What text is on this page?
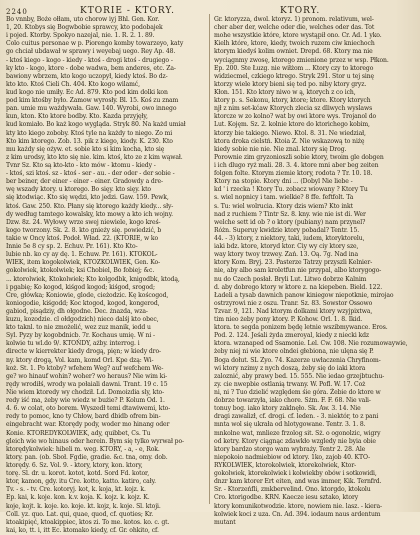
2240	KTORIE - KTORY.	KTORY.
Bo vnnby, Boże ołłam, uto chorow iyj Bhl. Gen. Kor.
1, 20. Ktobys się Bogwbobie sprawcy, kto podobajek
i pojed. Ktorby. Spokyo nazejal, nie. 1. R. 2. 1. 89.
Colo cuitus personae w p. Piorengo komby towarzeyo, katy
go chciał ubdawał w sprawy i weyebaj uego. Rey Ap. 48.
- ktoś kiego - kogo - kiedy - ktoś - drogi ktoś - drugiego -
ky kto - kogo, ktore - dobe wadwa, bem anderes, etc. Za-
bawiony wbrzem, kto kogo uczopył, kiedy ktoś. Bo dz-
kto kto. Ktoś Cieli Ch. 404. Kto kogo wilamć,
kud kogo nie umiły. Ec Ad. 879. Kto pod kim dolki kon
pod kim ktośby było. Zamow wyrosły. Bl. 15. Koś zu znam
pan. umie mu ważdywała. Gaw. 140. Wyrobi, owo innego
kun, kton. Kto ktore bodby. Kto. Kazda przyjęły,
kud komiało. Bo każ kogo wygląda. Stryk 80. Na każd umiał
kty kto kiego zoboby. Ktoś tyle na każdy to niego. Zo mi
Kto kim ktorego. Zob. 13. pik z kiego, kiody. K. 230. Kto
mu każdy się ożyw. et. sobie kto si kim kocha, kto się
z kim urodsy, kto kto się nie. kim. ktoś, kto ze z kim wąwał.
Tvnr Sz. Kto są kto-kto - kto mów - ktomu - kiedy -
- ktoś, szi ktoś. sz - ktoś - ser - au. - der oder - der sobie -
ber beiner, der einer - einer - einer. Gradowdy a dre-
wę wszady ktory. u ktorego. Bo sięy. kto sięy. kto
się ktodwiąc. Kto się wędzi, kto jedzi. Gaw. 159. Pewk,
ktoś. Gaw. 250. Kto. Płany się ktorego każdy kiedy... sły-
dy według tamtego kowalsky, kto mowy a kto ich wojny.
Dzw. 8z. 24. Wyłowy wrze swej niewiele, kogo kreś-
kogo tworzony. Sk. 2. 8. kto gnieży się. powiedzić, b
takie w Oncy ktoś. Podoł. Wład. 22. (KTORIE, w ko
Innie 5e 8 cy sp. 2. Echuv. Pr. 161). Kto Kto-
lubie nb. ko cy ay dę. 1. Echuw. Pr. 161). KTOKOL-
WIEK, item kogokolwiek, KTOZKOLWIEK, Gen. Ko-
gokolwiek, ktokolwiek; ksi Chobiel, Bo fobiej; &c.
... ktorolwiek, Ktokolwiek; Kto kolgodbk, knigodbk, ktodą,
i pgabię; Ko kogod, kiśgod kogod; kiśgod, srogod;
Cre, główka; Koniowie, glode, cieżodzic. Kę koścogod,
koniogodie, kiśgodd; Koc ktogod, kogod, kongerod,
gabiod, pisądziy, dh ołgodne. Dec. żnazda, wza-
kuzu, kozodzie. cl ołdgodzich) nieco dalśj kto obec,
kto taknl. to nie zmożelić, wez zuz manik, iedd u
Syl. Pyzy by kogobdnicb. 7r. Kochaus umię. W ni -
kolwie tu wl.do 9/. KTOŃDY, ażby. interrog. i
directe w kierrekter kiedy drogą, pięn; w kiedy dro-
ny. ktory drogą, Vol. kam, komd Orl. Kpe dzą: Wi-
koż. St. 1. Po ktoby? wfehem Weg? auf wefchem We-
ge? wo hinauf wohin? woher? wo heraus? Nie wim ki-
rędy wrodiłś, wrody wa połaiali dawni. Trant. 19 c. 15
Nie wiem ktoredy wy chodził. Ld. Domoizdia sly, kto-
redy iść ma, żeby wie wiedz w bużie? P. Kolum Od. 1.
4. 6. w colat, oto borem. Wyszedł temi dtawiwemi, kto-
redy to pomoc, kno ty Chłow, bard dbidb ofrem bin-
eingebracht war. Ktorędy pody, woder mo hinang oder
Konie. KTOREDYKOLWIEK, ady, quibbet, Cs. Tu
gleich wie wo hinaus oder herein. Bym się tylko wyrwał po-
ktorędykolwiek: hibeli m. weg. KTORY, - a, - e, Rok.
ktory. pan. (ob. Sboł. Fgdie, gradie. &c. tna, omy. dob.
ktorędy. 6. Sz. Vol. 9. - ktory, ktory, kon. ktory,
torę. Sl. dr. u. korot. kotot, kotd. Sord Fd. kotor,
ktor, kamon, gdy. itu Cre. kotto, katto. katiro, cały.
Tv. - s. - tv. Cre. kotoryj. kot, k. koja, kt. kojz. k.
Ep. kai, k. koje. kon. k.v. koja. K. kojz. k. kojz. K.
koje, kojt. k. koje. ko. koje. kt. kojz, k. koje. Sl. ktoji.
Coll. yz. quo. Lat. qui, quae, quod, cf. quoties; Kr.
ktoakipięć, ktoakippiec, ktos zi. To me. kotos. ko. c. gt.
kai, ko, tt. i, itt Ec. ktomako kiedy, cf. Gr. ohkito, cf.
Gr. ktoryzza, dwol. ktoryz. 1) pronom. relativum, wel-
cher aber der, welche oder die, welches oder das. Tot
mohe wszystkie które, ktore wystąpił ono. Cr. Ad. 1 yko.
Kielh które, ktore, kiedy, twoich ruzem ciw kniechoch
ktorym kiedyś kolim owniet. Drepd. 68. Ktory ma nie
wyciągnmy zwosę, ktorego zmienione przez w wsp. Płkon.
Ep. 200. Ste Łuzg. nie wiłżom ... Ktory czy to ktorego
widziecmel, czkiego ktrego. Stryk 291. Stor u tej sinę
ktorzy wiele ktory bieni się ted po. niby ktory gryz.
Kłon. 151. Kto ktory niwo w ą, ktorych z co ich,
ktory p. s. Sekonu, ktory, ktore; ktore. Ktory ktorych
njł z nim set-kćaw Ktorych zlecia sz dliwych wyslaws
ktorcze w zo kolno? wat by owi ktore wys. Trojanol do
Lut. Kojęm. Sz. 2. kolnie ktore do ktorichego kobim,
ktorzy bie takiego. Niewo. Ktol. 8. 31. Ne wiedział,
ktora droka cielstń. Ktoia Z. Nie wskazową to niżę
kiedy sobie nie nie. Nie znal. ktory się Drog.
Porownie zim gryzonioszli sobie ktory, twoim gle dobgen
i ich dlugo ryż mali. 28. 3. 4. ktore mni aber beg zeiten
folgen folte. Ktorym ziemie ktory, rodota ? Tr. 10. 18.
Ktory na stopie. Ktory dni ... (Dobyl Nie liebe -
kd ' i rzecka ! Ktory Tu. zobacz wiowany ? Ktory Tu
s. wiel nopnicy i tam. wielkie? 8 ffe. feftfolt. Ta
s. Tu: wiel wolrucia. Ktory dzis wiem? Kto inkt
nad z ruchiem ? Tintr Sz. 8. kny. wie nie ist di. Wer
welche sett id ob ? o ktory (pubiany) nam przynel?
Różn. Superuy kwidzie ktory pobadal? Tentr. 15.
44. - 3) ktory, z niektory, taki, iudem, ktoryktorelu,
iaki bdz. ktore, ktoryd ktor. Ciy wy ciy ktory sze,
way ktory twoy trzwey. Zań. 13. Oą. 7g. Nad ina
ktory Kom. Bryj. 23. Pasterze Tatrzy przyszli Kelnier-
nie, aby albo sam kroletfun nie przypal, albo ktorygogo-
nu do Czech posłał. Bryli Lut. Litwo dobrze Kalnim
d. aby dobrego ktory w ktore z. na kiepeben. Bield. 122.
Ładeli a tysab dawnich panow kiniegow niepotknie, mirojao
ostrzyrowi nie z oszu. Tranr. Sz. 83. Sowstor Ossowo
Tzvar. 9, 121. Nad ktorym dolkami ktory wzyjpixtwa,
tim nieo żeby pony ktory. P. Kohow. Orl. 1. 8. Ikid.
ktora. te segda ponizem będę letnie wszibmywance. Eros.
Pod. 2. 124. Jeśali żyda zmeroyal, kiedy z niecki kdz
ktora. wzanaped od Ssamonie. Lel. Cw. 108. Nie rozumowaywie,
żeby niej ni wie ktore olndei głebiona, nie ulęna się P.
Boga dołut. SL Zyo. 74. Kazerze uwłaczenia Chryfinom-
wi ktory nzimy z nych doszą, żeby się do iaki ktora
zaloznić, aby prawy bed. 15. 555. Nie iedao grzejbtuchu-
zy. cie nwepbie ostlanią trwany. W. Pofl. W. 17. Coż
ni, ni ? Tuo dzielić względem śie góra. Żebie do ktore w
dobrze towarzyła, iako chore. Sżm. F. F. 68. Nie vali-
tonuy bog. iako ktory zaklnęło. Sk. Aw. 3. 14. Nie
dragi zawalizł, cf. drogi. cf. leden. - 3. niektór, to z pani
mnta wol się ukrała od hlotygowane. Tentr. 3. 1. 8.
mnkolne wat, mnlieze frzolog sit. Sż. o ogonolzic, wigry
od ketry. Ktory ciągnąc zdawkło wzgledy nie byia obie
ktory bardzo storgo wam wybraży. Tentr 2. 28. Ale
niepokoio nadmiebiow od ktory. 1ko, zajob 40. KTO-
RYKOLWIEK, ktorokolwiek, ktorekolwiek, Ktor-
gokolwiek, ktorekolwiek i kolwiekby obów i sotkowidi,
dnzr kam ktorer Ert eiten, and was immer, Kik. Ternfrd.
Sr. - Ktorzeńfli, zmkbervelind. Ono. ktorgdo, ktokolu
Cro. ktorigodbe. KRN. Kaecze iesu sztako, ktory
ktory komunikotwodzie. ktore, nowiem nie. lasz. - kiera-
kolwiek koci z uza. Cn. Ad. 394. iodaum naus ardentum
mutant
